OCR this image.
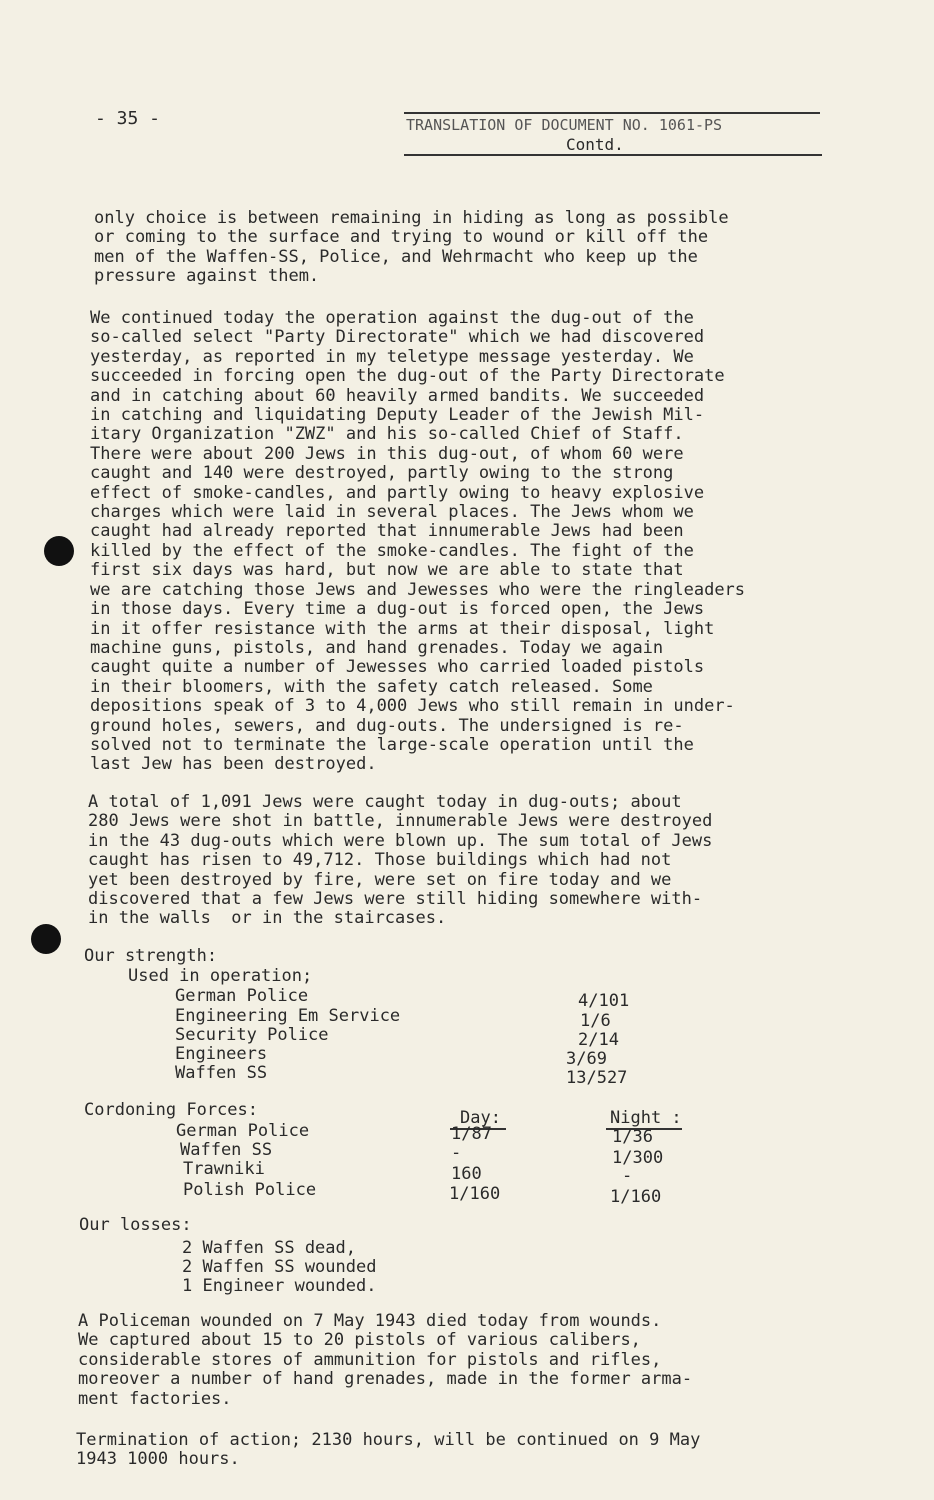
- 35 -	TRANSLATION OF DOCUMENT NO. 1061-PS
Contd.
only choice is between remaining in hiding as long as possible
or coming to the surface and trying to wound or kill off the
men of the Waffen-SS, Police, and Wehrmacht who keep up the
pressure against them.
We continued today the operation against the dug-out of the
so-called select "Party Directorate" which we had discovered
yesterday, as reported in my teletype message yesterday. We
succeeded in forcing open the dug-out of the Party Directorate
and in catching about 60 heavily armed bandits. We succeeded
in catching and liquidating Deputy Leader of the Jewish Mil-
itary Organization "ZWZ" and his so-called Chief of Staff.
There were about 200 Jews in this dug-out, of whom 60 were
caught and 140 were destroyed, partly owing to the strong
effect of smoke-candles, and partly owing to heavy explosive
charges which were laid in several places. The Jews whom we
caught had already reported that innumerable Jews had been
killed by the effect of the smoke-candles. The fight of the
first six days was hard, but now we are able to state that
we are catching those Jews and Jewesses who were the ringleaders
in those days. Every time a dug-out is forced open, the Jews
in it offer resistance with the arms at their disposal, light
machine guns, pistols, and hand grenades. Today we again
caught quite a number of Jewesses who carried loaded pistols
in their bloomers, with the safety catch released. Some
depositions speak of 3 to 4,000 Jews who still remain in under-
ground holes, sewers, and dug-outs. The undersigned is re-
solved not to terminate the large-scale operation until the
last Jew has been destroyed.
A total of 1,091 Jews were caught today in dug-outs; about
280 Jews were shot in battle, innumerable Jews were destroyed
in the 43 dug-outs which were blown up. The sum total of Jews
caught has risen to 49,712. Those buildings which had not
yet been destroyed by fire, were set on fire today and we
discovered that a few Jews were still hiding somewhere with-
in the walls  or in the staircases.
Our strength:
Used in operation;
German Police	4/101
Engineering Em Service	1/6
Security Police	2/14
Engineers	3/69
Waffen SS	13/527
Cordoning Forces:	Day:	Night :
German Police	1/87	1/36
Waffen SS	-	1/300
Trawniki	160	-
Polish Police	1/160	1/160
Our losses:
2 Waffen SS dead,
2 Waffen SS wounded
1 Engineer wounded.
A Policeman wounded on 7 May 1943 died today from wounds.
We captured about 15 to 20 pistols of various calibers,
considerable stores of ammunition for pistols and rifles,
moreover a number of hand grenades, made in the former arma-
ment factories.
Termination of action; 2130 hours, will be continued on 9 May
1943 1000 hours.
